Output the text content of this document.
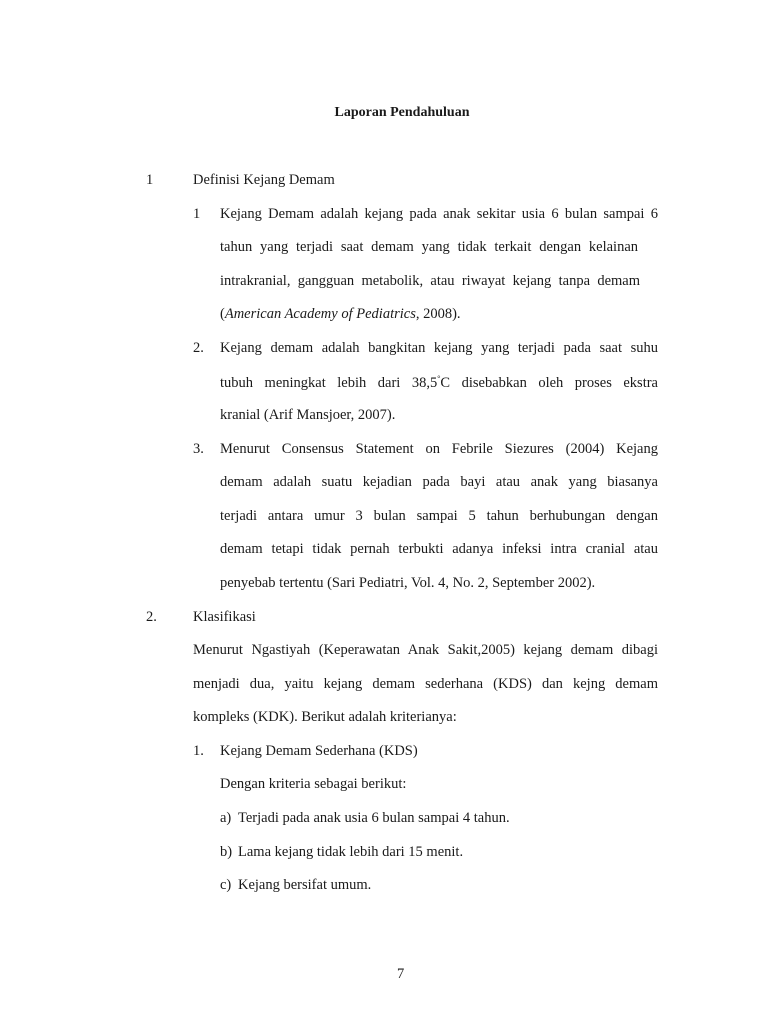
Laporan Pendahuluan
1	Definisi Kejang Demam
1 Kejang Demam adalah kejang pada anak sekitar usia 6 bulan sampai 6
tahun yang terjadi saat demam yang tidak terkait dengan kelainan
intrakranial, gangguan metabolik, atau riwayat kejang tanpa demam
(American Academy of Pediatrics, 2008).
2. Kejang demam adalah bangkitan kejang yang terjadi pada saat suhu
tubuh meningkat lebih dari 38,5°C disebabkan oleh proses ekstra
kranial (Arif Mansjoer, 2007).
3. Menurut Consensus Statement on Febrile Siezures (2004) Kejang
demam adalah suatu kejadian pada bayi atau anak yang biasanya
terjadi antara umur 3 bulan sampai 5 tahun berhubungan dengan
demam tetapi tidak pernah terbukti adanya infeksi intra cranial atau
penyebab tertentu (Sari Pediatri, Vol. 4, No. 2, September 2002).
2. Klasifikasi
Menurut Ngastiyah (Keperawatan Anak Sakit,2005) kejang demam dibagi
menjadi dua, yaitu kejang demam sederhana (KDS) dan kejng demam
kompleks (KDK). Berikut adalah kriterianya:
1. Kejang Demam Sederhana (KDS)
Dengan kriteria sebagai berikut:
a) Terjadi pada anak usia 6 bulan sampai 4 tahun.
b) Lama kejang tidak lebih dari 15 menit.
c) Kejang bersifat umum.
7
